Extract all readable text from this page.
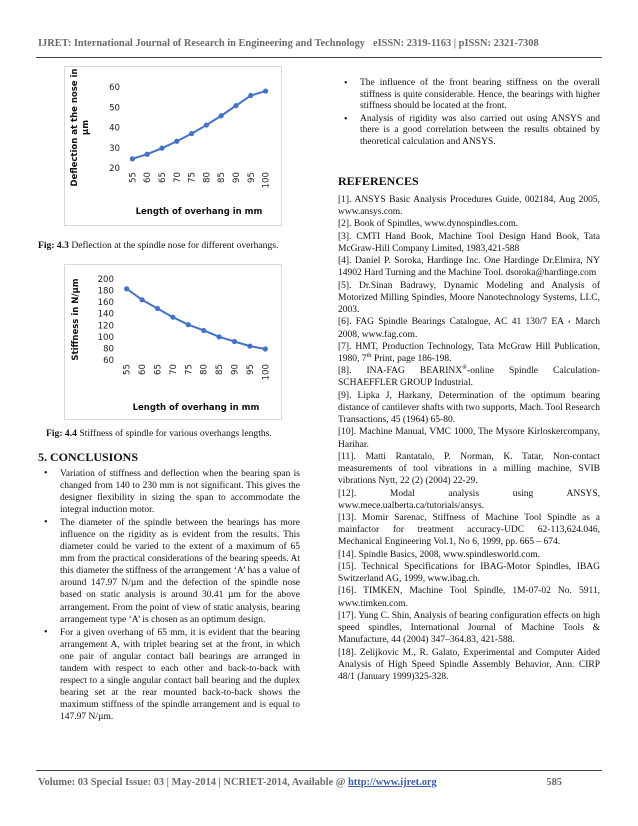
IJRET: International Journal of Research in Engineering and Technology eISSN: 2319-1163 | pISSN: 2321-7308
20
30
40
50
60
55 60 65 70 75 80 85 90 95 100
Length of overhang in mm
Deflection at the nose in µm
Fig: 4.3 Deflection at the spindle nose for different overhangs.
60
80
100
120
140
160
180
200
55 60 65 70 75 80 85 90 95 100
Length of overhang in mm
Stiffness in N/µm
Fig: 4.4 Stiffness of spindle for various overhangs lengths.
5. CONCLUSIONS
• Variation of stiffness and deflection when the bearing span is changed from 140 to 230 mm is not significant. This gives the designer flexibility in sizing the span to accommodate the integral induction motor.
• The diameter of the spindle between the bearings has more influence on the rigidity as is evident from the results. This diameter could be varied to the extent of a maximum of 65 mm from the practical considerations of the bearing speeds. At this diameter the stiffness of the arrangement ‘A’ has a value of around 147.97 N/µm and the defection of the spindle nose based on static analysis is around 30.41 µm for the above arrangement. From the point of view of static analysis, bearing arrangement type ‘A’ is chosen as an optimum design.
• For a given overhang of 65 mm, it is evident that the bearing arrangement A, with triplet bearing set at the front, in which one pair of angular contact ball bearings are arranged in tandem with respect to each other and back-to-back with respect to a single angular contact ball bearing and the duplex bearing set at the rear mounted back-to-back shows the maximum stiffness of the spindle arrangement and is equal to 147.97 N/µm.
• The influence of the front bearing stiffness on the overall stiffness is quite considerable. Hence, the bearings with higher stiffness should be located at the front.
• Analysis of rigidity was also carried out using ANSYS and there is a good correlation between the results obtained by theoretical calculation and ANSYS.
REFERENCES

[1]. ANSYS Basic Analysis Procedures Guide, 002184, Aug 2005, www.ansys.com.

[2]. Book of Spindles, www.dynospindles.com.

[3]. CMTI Hand Book, Machine Tool Design Hand Book, Tata McGraw-Hill Company Limited, 1983,421-588

[4]. Daniel P. Soroka, Hardinge Inc. One Hardinge Dr.Elmira, NY 14902 Hard Turning and the Machine Tool. dsoroka@hardinge.com

[5]. Dr.Sinan Badrawy, Dynamic Modeling and Analysis of Motorized Milling Spindles, Moore Nanotechnology Systems, LLC, 2003.

[6]. FAG Spindle Bearings Catalogue, AC 41 130/7 EA ‹ March 2008, www.fag.com.

[7]. HMT, Production Technology, Tata McGraw Hill Publication, 1980, 7th Print, page 186-198.

[8]. INA-FAG BEARINX®-online Spindle Calculation-SCHAEFFLER GROUP Industrial.

[9]. Lipka J, Harkany, Determination of the optimum bearing distance of cantilever shafts with two supports, Mach. Tool Research Transactions, 45 (1964) 65-80.

[10]. Machine Manual, VMC 1000, The Mysore Kirloskercompany, Harihar.

[11]. Matti Rantatalo, P. Norman, K. Tatar, Non-contact measurements of tool vibrations in a milling machine, SVIB vibrations Nytt, 22 (2) (2004) 22-29.

[12]. Modal analysis using ANSYS, www.mece.ualberta.ca/tutorials/ansys.

[13]. Momir Sarenac, Stiffness of Machine Tool Spindle as a mainfactor for treatment accuracy-UDC 62-113,624.046, Mechanical Engineering Vol.1, No 6, 1999, pp. 665 – 674.

[14]. Spindle Basics, 2008, www.spindlesworld.com.

[15]. Technical Specifications for IBAG-Motor Spindles, IBAG Switzerland AG, 1999, www.ibag.ch.

[16]. TIMKEN, Machine Tool Spindle, 1M-07-02 No. 5911, www.timken.com.

[17]. Yung C. Shin, Analysis of bearing configuration effects on high speed spindles, International Journal of Machine Tools & Manufacture, 44 (2004) 347–364.83, 421-588.

[18]. Zelijkovic M., R. Galato, Experimental and Computer Aided Analysis of High Speed Spindle Assembly Behavior, Ann. CIRP 48/1 (January 1999)325-328.

Volume: 03 Special Issue: 03 | May-2014 | NCRIET-2014, Available @ http://www.ijret.org	585
